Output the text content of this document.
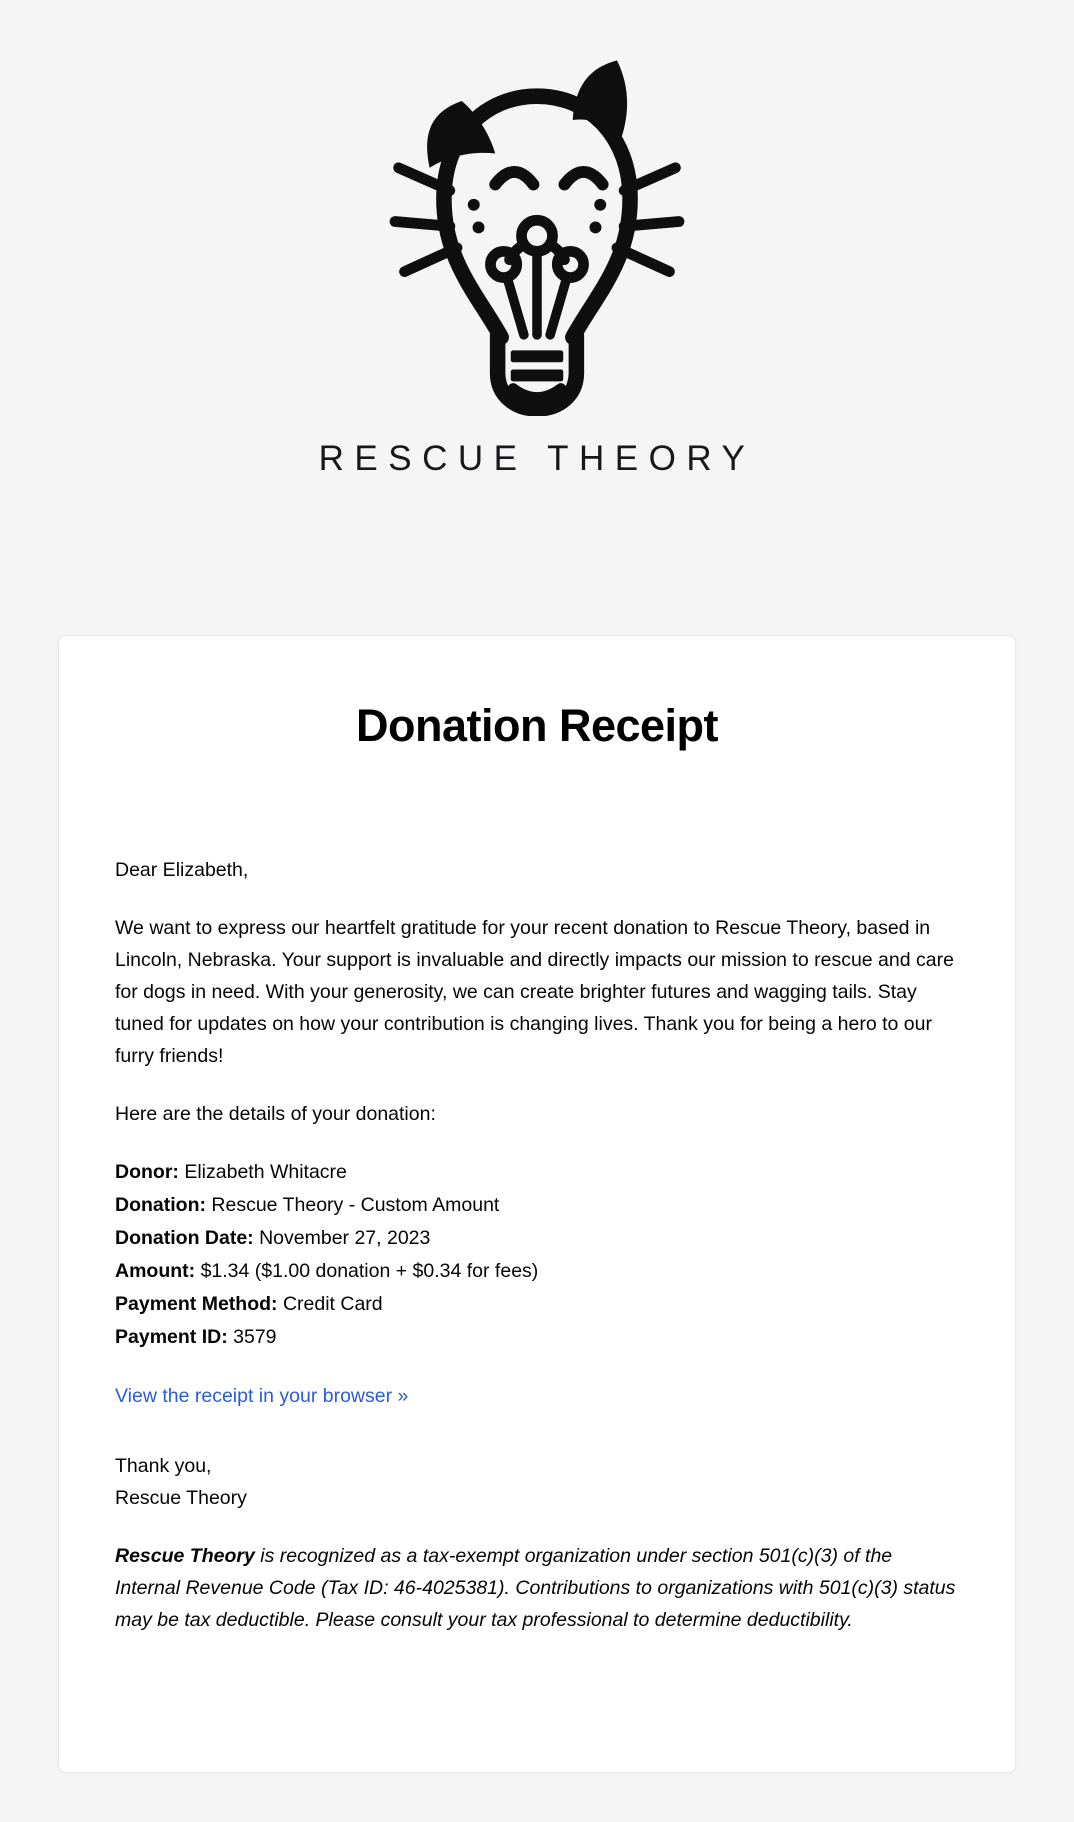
RESCUE THEORY
Donation Receipt

Dear Elizabeth,

We want to express our heartfelt gratitude for your recent donation to Rescue Theory, based in Lincoln, Nebraska. Your support is invaluable and directly impacts our mission to rescue and care for dogs in need. With your generosity, we can create brighter futures and wagging tails. Stay tuned for updates on how your contribution is changing lives. Thank you for being a hero to our furry friends!

Here are the details of your donation:

Donor: Elizabeth Whitacre
Donation: Rescue Theory - Custom Amount
Donation Date: November 27, 2023
Amount: $1.34 ($1.00 donation + $0.34 for fees)
Payment Method: Credit Card
Payment ID: 3579
View the receipt in your browser »
Thank you,
Rescue Theory

Rescue Theory is recognized as a tax-exempt organization under section 501(c)(3) of the Internal Revenue Code (Tax ID: 46-4025381). Contributions to organizations with 501(c)(3) status may be tax deductible. Please consult your tax professional to determine deductibility.
